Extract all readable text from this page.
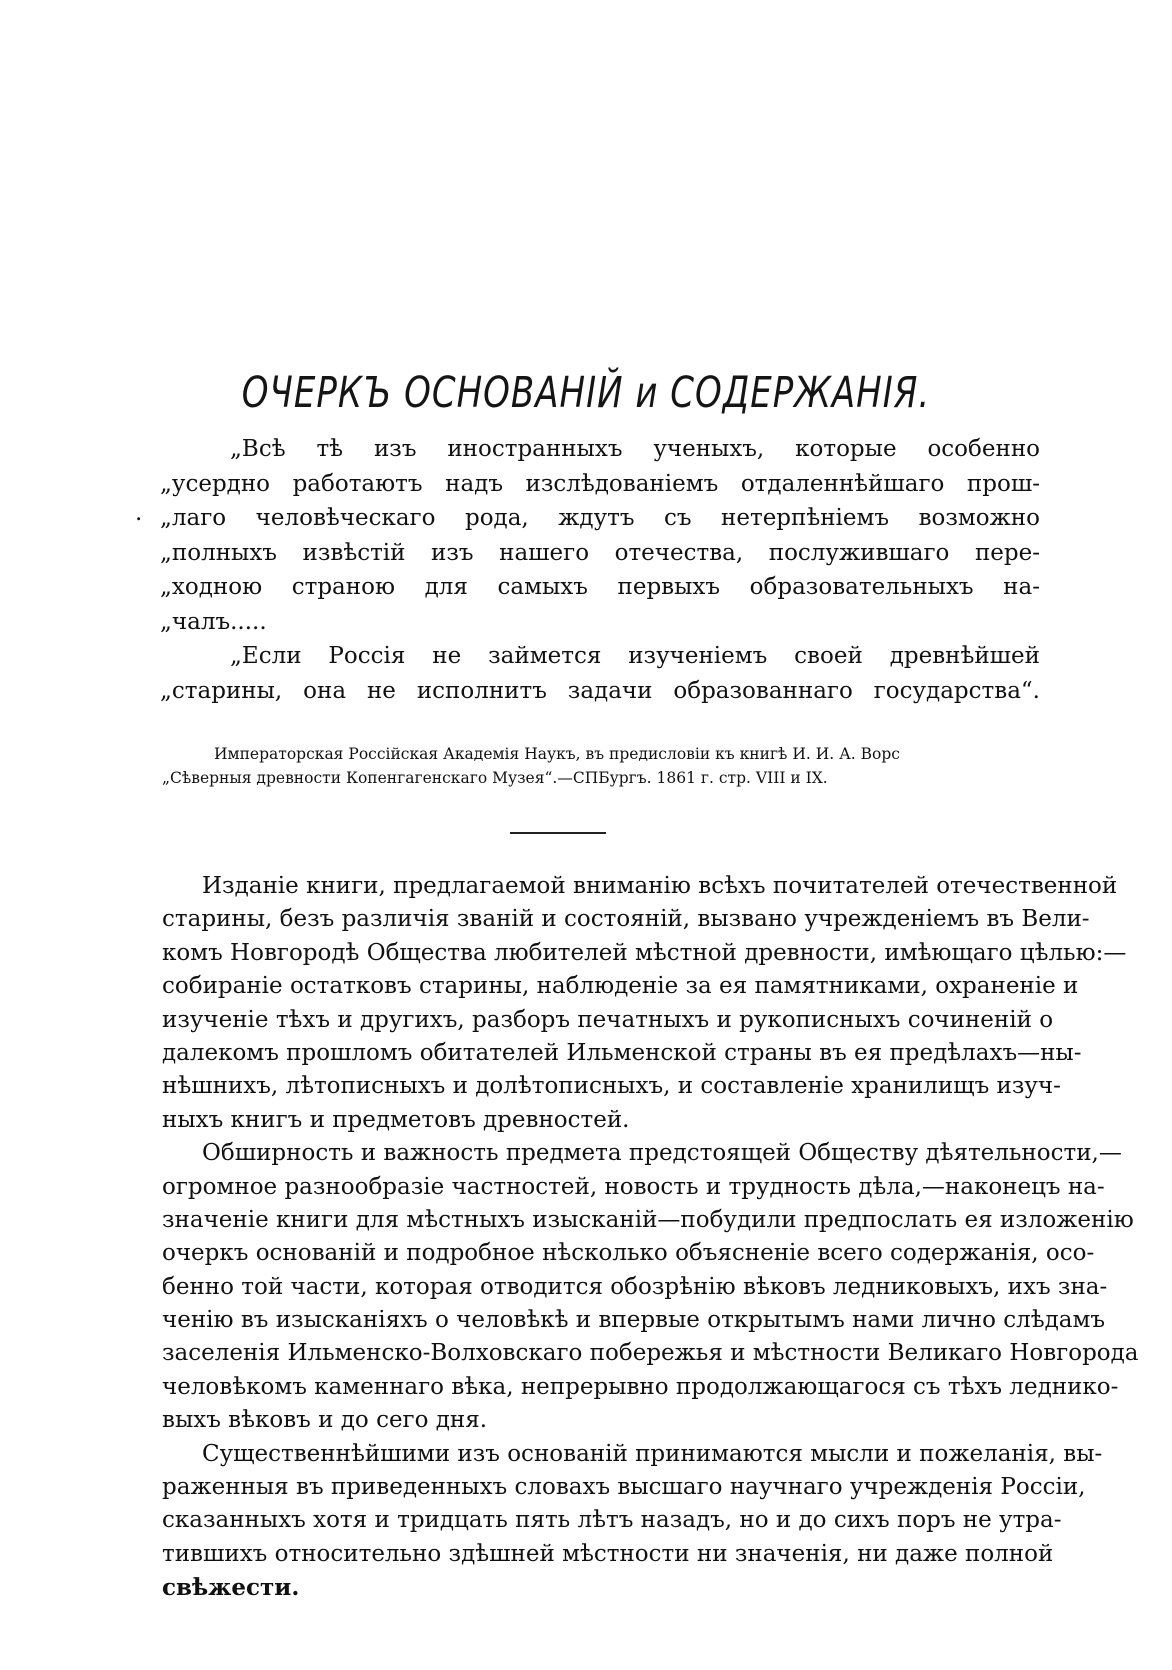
ОЧЕРКЪ ОСНОВАНІЙ и СОДЕРЖАНІЯ.
.
„Всѣ тѣ изъ иностранныхъ ученыхъ, которые особенно
„усердно работаютъ надъ изслѣдованіемъ отдаленнѣйшаго прош-
„лаго человѣческаго рода, ждутъ съ нетерпѣніемъ возможно
„полныхъ извѣстій изъ нашего отечества, послужившаго пере-
„ходною страною для самыхъ первыхъ образовательныхъ на-
„чалъ.....
„Если Россія не займется изученіемъ своей древнѣйшей
„старины, она не исполнитъ задачи образованнаго государства“.
Императорская Россійская Академія Наукъ, въ предисловіи къ книгѣ И. И. А. Ворс
„Сѣверныя древности Копенгагенскаго Музея“.—СПБургъ. 1861 г. стр. VIII и IX.
Изданіе книги, предлагаемой вниманію всѣхъ почитателей отечественной
старины, безъ различія званій и состояній, вызвано учрежденіемъ въ Вели-
комъ Новгородѣ Общества любителей мѣстной древности, имѣющаго цѣлью:—
собираніе остатковъ старины, наблюденіе за ея памятниками, охраненіе и
изученіе тѣхъ и другихъ, разборъ печатныхъ и рукописныхъ сочиненій о
далекомъ прошломъ обитателей Ильменской страны въ ея предѣлахъ—ны-
нѣшнихъ, лѣтописныхъ и долѣтописныхъ, и составленіе хранилищъ изуч-
ныхъ книгъ и предметовъ древностей.
Обширность и важность предмета предстоящей Обществу дѣятельности,—
огромное разнообразіе частностей, новость и трудность дѣла,—наконецъ на-
значеніе книги для мѣстныхъ изысканій—побудили предпослать ея изложенію
очеркъ основаній и подробное нѣсколько объясненіе всего содержанія, осо-
бенно той части, которая отводится обозрѣнію вѣковъ ледниковыхъ, ихъ зна-
ченію въ изысканіяхъ о человѣкѣ и впервые открытымъ нами лично слѣдамъ
заселенія Ильменско-Волховскаго побережья и мѣстности Великаго Новгорода
человѣкомъ каменнаго вѣка, непрерывно продолжающагося съ тѣхъ леднико-
выхъ вѣковъ и до сего дня.
Существеннѣйшими изъ основаній принимаются мысли и пожеланія, вы-
раженныя въ приведенныхъ словахъ высшаго научнаго учрежденія Россіи,
сказанныхъ хотя и тридцать пять лѣтъ назадъ, но и до сихъ поръ не утра-
тившихъ относительно здѣшней мѣстности ни значенія, ни даже полной
свѣжести.
